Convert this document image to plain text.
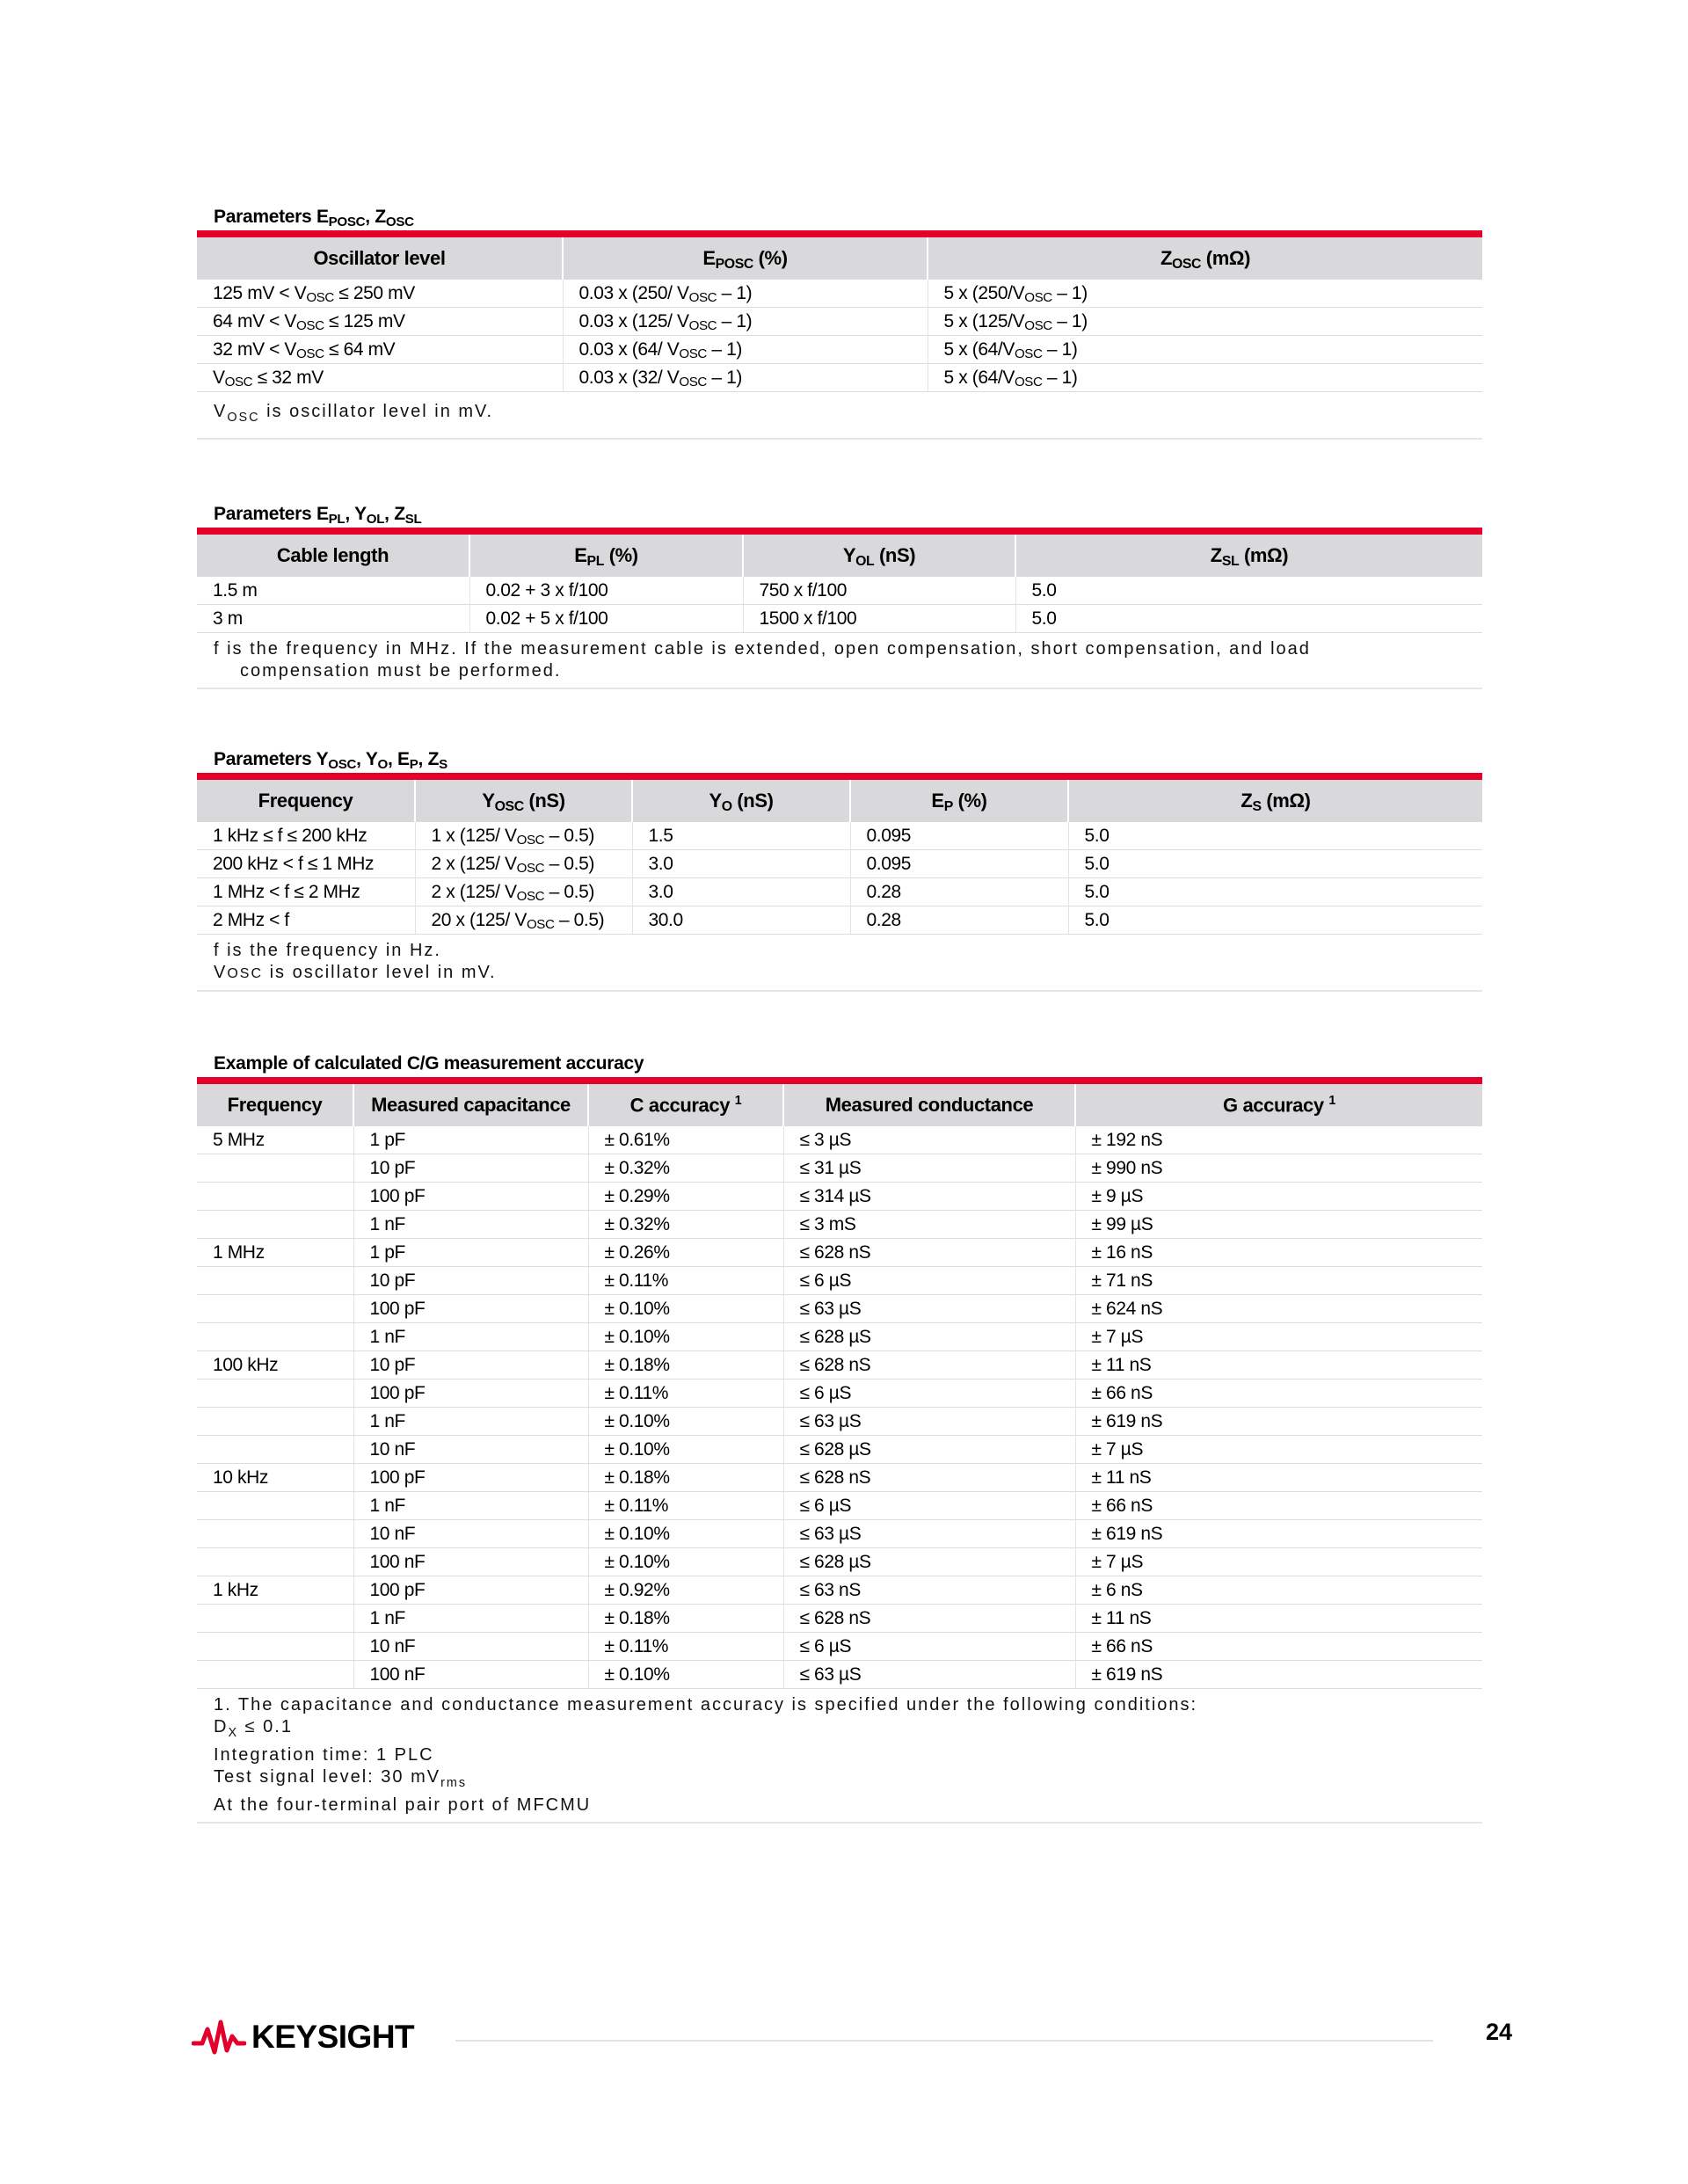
Parameters $E_{POSC}$, $Z_{OSC}$
Oscillator level	$E_{POSC}$ (%)	$Z_{OSC}$ (mΩ)
125 mV < $V_{OSC} \le 250$ mV	0.03 x (250/ $V_{OSC} - 1$)	5 x $(250/V_{OSC} - 1)$
64 mV < $V_{OSC} \le 125$ mV	0.03 x (125/ $V_{OSC} - 1$)	5 x $(125/V_{OSC} - 1)$
32 mV < $V_{OSC} \le 64$ mV	0.03 x (64/ $V_{OSC} - 1$)	5 x $(64/V_{OSC} - 1)$
$V_{OSC} \le 32$ mV	0.03 x (32/ $V_{OSC} - 1$)	5 x $(64/V_{OSC} - 1)$
$V_{OSC}$ is oscillator level in mV.
Parameters $E_{PL}$, $Y_{OL}$, $Z_{SL}$
Cable length	$E_{PL}$ (%)	$Y_{OL}$ (nS)	$Z_{SL}$ (mΩ)
1.5 m	0.02 + 3 x f/100	750 x f/100	5.0
3 m	0.02 + 5 x f/100	1500 x f/100	5.0
f is the frequency in MHz. If the measurement cable is extended, open compensation, short compensation, and load
compensation must be performed.
Parameters $Y_{OSC}$, $Y_O$, $E_P$, $Z_S$
Frequency	$Y_{OSC}$ (nS)	$Y_O$ (nS)	$E_P$ (%)	$Z_S$ (mΩ)
1 kHz ≤ f ≤ 200 kHz	1 x (125/ $V_{OSC} - 0.5$)	1.5	0.095	5.0
200 kHz < f ≤ 1 MHz	2 x (125/ $V_{OSC} - 0.5$)	3.0	0.095	5.0
1 MHz < f ≤ 2 MHz	2 x (125/ $V_{OSC} - 0.5$)	3.0	0.28	5.0
2 MHz < f	20 x (125/ $V_{OSC} - 0.5$)	30.0	0.28	5.0
f is the frequency in Hz.
VOSC is oscillator level in mV.
Example of calculated C/G measurement accuracy
Frequency	Measured capacitance	C accuracy $^1$	Measured conductance	G accuracy $^1$
5 MHz	1 pF	± 0.61%	≤ 3 µS	± 192 nS
	10 pF	± 0.32%	≤ 31 µS	± 990 nS
	100 pF	± 0.29%	≤ 314 µS	± 9 µS
	1 nF	± 0.32%	≤ 3 mS	± 99 µS
1 MHz	1 pF	± 0.26%	≤ 628 nS	± 16 nS
	10 pF	± 0.11%	≤ 6 µS	± 71 nS
	100 pF	± 0.10%	≤ 63 µS	± 624 nS
	1 nF	± 0.10%	≤ 628 µS	± 7 µS
100 kHz	10 pF	± 0.18%	≤ 628 nS	± 11 nS
	100 pF	± 0.11%	≤ 6 µS	± 66 nS
	1 nF	± 0.10%	≤ 63 µS	± 619 nS
	10 nF	± 0.10%	≤ 628 µS	± 7 µS
10 kHz	100 pF	± 0.18%	≤ 628 nS	± 11 nS
	1 nF	± 0.11%	≤ 6 µS	± 66 nS
	10 nF	± 0.10%	≤ 63 µS	± 619 nS
	100 nF	± 0.10%	≤ 628 µS	± 7 µS
1 kHz	100 pF	± 0.92%	≤ 63 nS	± 6 nS
	1 nF	± 0.18%	≤ 628 nS	± 11 nS
	10 nF	± 0.11%	≤ 6 µS	± 66 nS
	100 nF	± 0.10%	≤ 63 µS	± 619 nS
1. The capacitance and conductance measurement accuracy is specified under the following conditions:
$D_X \le 0.1$
Integration time: 1 PLC
Test signal level: 30 $mV_{rms}$
At the four-terminal pair port of MFCMU
KEYSIGHT	24
